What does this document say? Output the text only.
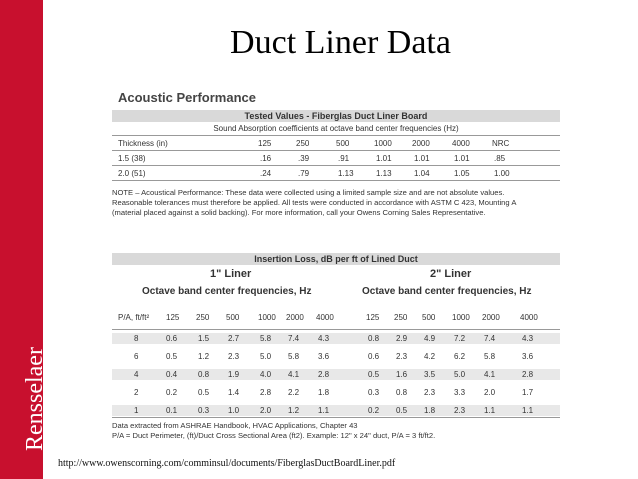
Rensselaer
Duct Liner Data
Acoustic Performance
Tested Values - Fiberglas Duct Liner Board
Sound Absorption coefficients at octave band center frequencies (Hz)
Thickness (in)	125	250	500	1000	2000	4000	NRC
1.5 (38)	.16	.39	.91	1.01	1.01	1.01	.85
2.0 (51)	.24	.79	1.13	1.13	1.04	1.05	1.00
NOTE – Acoustical Performance: These data were collected using a limited sample size and are not absolute values.
Reasonable tolerances must therefore be applied. All tests were conducted in accordance with ASTM C 423, Mounting A
(material placed against a solid backing). For more information, call your Owens Corning Sales Representative.
Insertion Loss, dB per ft of Lined Duct
1" Liner	2" Liner
Octave band center frequencies, Hz	Octave band center frequencies, Hz
P/A, ft/ft² 125 250 500 1000 2000 4000	125 250 500 1000 2000	4000
8	0.6	1.5 2.7	5.8 7.4 4.3	0.8 2.9 4.9 7.2 7.4	4.3
6	0.5	1.2 2.3	5.0 5.8 3.6	0.6 2.3 4.2 6.2 5.8	3.6
4	0.4	0.8 1.9	4.0 4.1 2.8	0.5 1.6 3.5 5.0 4.1	2.8
2	0.2	0.5 1.4	2.8 2.2 1.8	0.3 0.8 2.3 3.3 2.0	1.7
1	0.1	0.3 1.0	2.0 1.2 1.1	0.2 0.5 1.8 2.3 1.1	1.1
Data extracted from ASHRAE Handbook, HVAC Applications, Chapter 43
P/A = Duct Perimeter, (ft)/Duct Cross Sectional Area (ft2). Example: 12" x 24" duct, P/A = 3 ft/ft2.
http://www.owenscorning.com/comminsul/documents/FiberglasDuctBoardLiner.pdf
